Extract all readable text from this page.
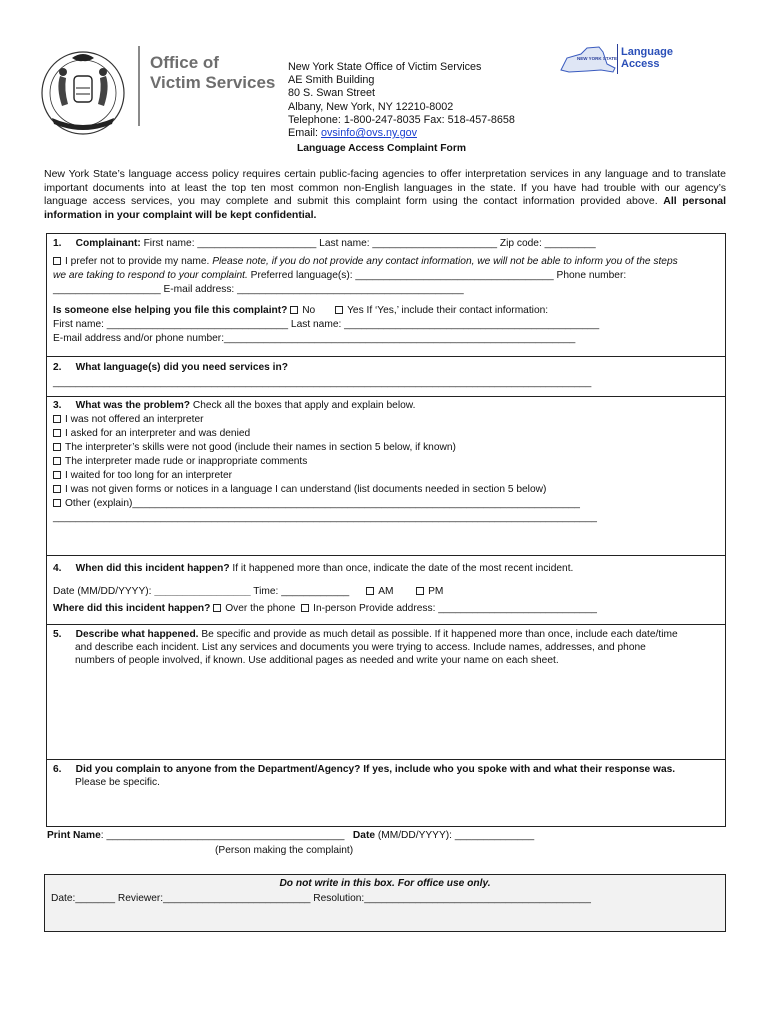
Office of
Victim Services
New York State Office of Victim Services
AE Smith Building
80 S. Swan Street
Albany, New York, NY 12210-8002
Telephone: 1-800-247-8035 Fax: 518-457-8658
Email: ovsinfo@ovs.ny.gov
Language Access Complaint Form
NEW YORK STATE
Language
Access
New York State’s language access policy requires certain public-facing agencies to offer interpretation services in any language and to translate important documents into at least the top ten most common non-English languages in the state. If you have had trouble with our agency’s language access services, you may complete and submit this complaint form using the contact information provided above. All personal information in your complaint will be kept confidential.
1. Complainant: First name: _____________________ Last name: ______________________ Zip code: _________
I prefer not to provide my name. Please note, if you do not provide any contact information, we will not be able to inform you of the steps
we are taking to respond to your complaint. Preferred language(s): ___________________________________ Phone number:
___________________ E-mail address: ________________________________________
Is someone else helping you file this complaint? No	Yes If ‘Yes,’ include their contact information:
First name: ________________________________ Last name: _____________________________________________
E-mail address and/or phone number:______________________________________________________________
2. What language(s) did you need services in?
_______________________________________________________________________________________________
3. What was the problem? Check all the boxes that apply and explain below.
I was not offered an interpreter
I asked for an interpreter and was denied
The interpreter’s skills were not good (include their names in section 5 below, if known)
The interpreter made rude or inappropriate comments
I waited for too long for an interpreter
I was not given forms or notices in a language I can understand (list documents needed in section 5 below)
Other (explain)_______________________________________________________________________________
________________________________________________________________________________________________
4. When did this incident happen? If it happened more than once, indicate the date of the most recent incident.
Date (MM/DD/YYYY): _________________ Time: ____________	AM	PM
Where did this incident happen? Over the phone In-person Provide address: ____________________________
5. Describe what happened. Be specific and provide as much detail as possible. If it happened more than once, include each date/time
and describe each incident. List any services and documents you were trying to access. Include names, addresses, and phone
numbers of people involved, if known. Use additional pages as needed and write your name on each sheet.
6. Did you complain to anyone from the Department/Agency? If yes, include who you spoke with and what their response was.
Please be specific.
Print Name: __________________________________________ Date (MM/DD/YYYY): ______________
(Person making the complaint)
Do not write in this box. For office use only.
Date:_______ Reviewer:__________________________ Resolution:________________________________________
